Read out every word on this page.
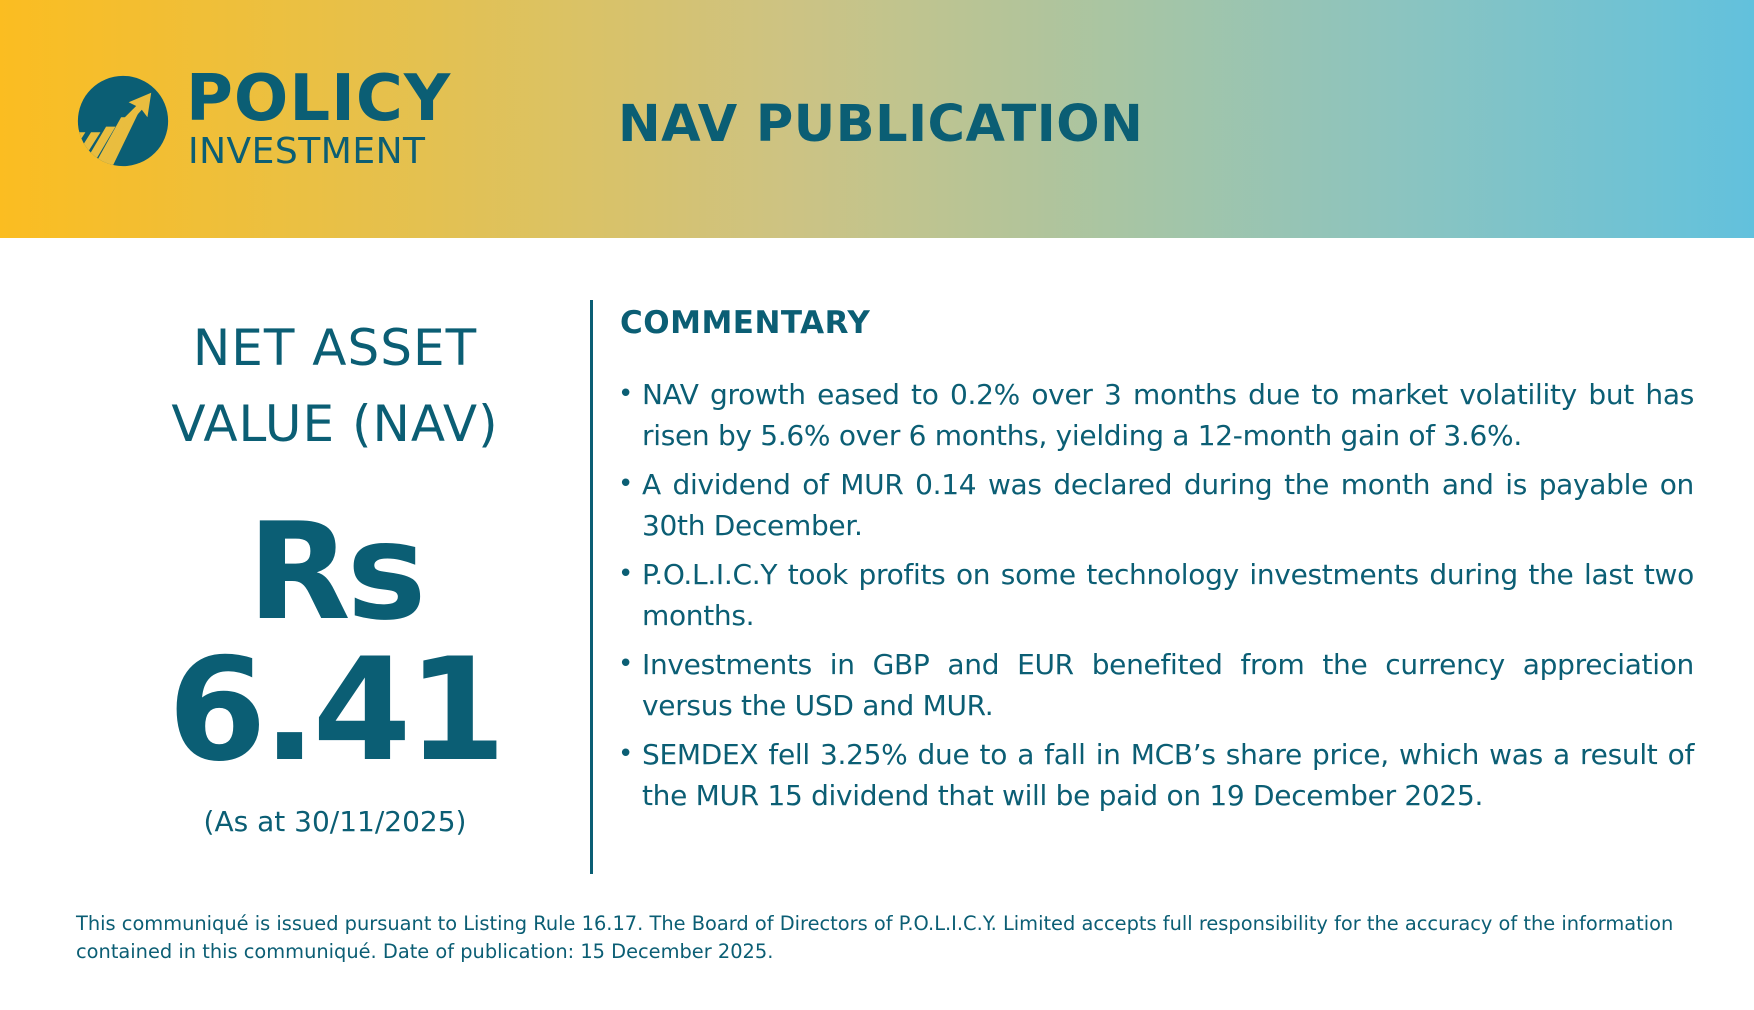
POLICY
INVESTMENT	NAV PUBLICATION
NET ASSET
VALUE (NAV)
Rs
6.41
(As at 30/11/2025)
COMMENTARY
• NAV growth eased to 0.2% over 3 months due to market volatility but has risen by 5.6% over 6 months, yielding a 12-month gain of 3.6%.
• A dividend of MUR 0.14 was declared during the month and is payable on 30th December.
• P.O.L.I.C.Y took profits on some technology investments during the last two months.
• Investments in GBP and EUR benefited from the currency appreciation versus the USD and MUR.
• SEMDEX fell 3.25% due to a fall in MCB’s share price, which was a result of the MUR 15 dividend that will be paid on 19 December 2025.
This communiqué is issued pursuant to Listing Rule 16.17. The Board of Directors of P.O.L.I.C.Y. Limited accepts full responsibility for the accuracy of the information contained in this communiqué. Date of publication: 15 December 2025.
